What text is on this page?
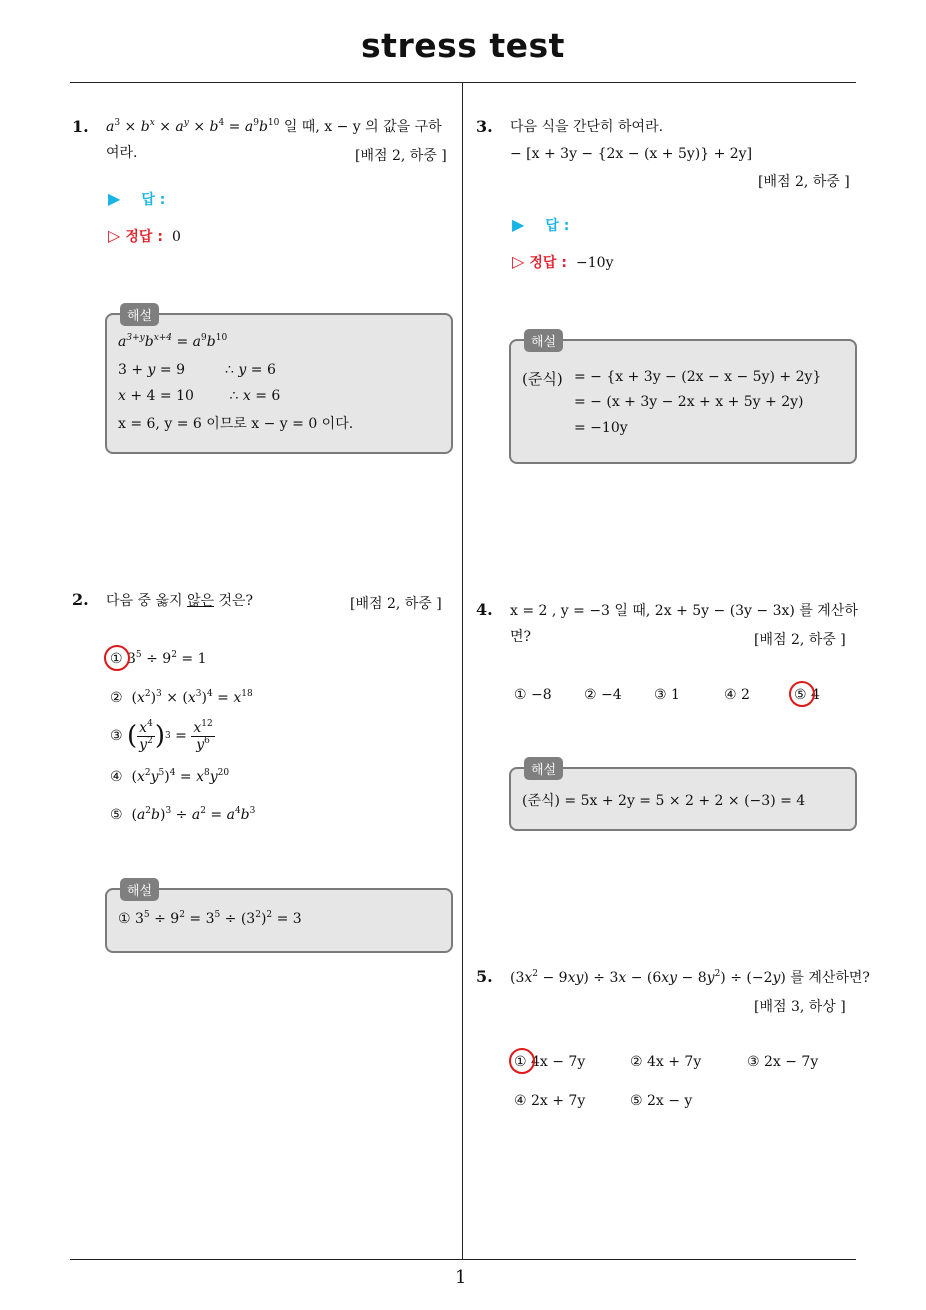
stress test
1
1. $a^3 \times b^x \times a^y \times b^4 = a^9b^{10}$ 일 때, x − y 의 값을 구하
여라.	[배점 2, 하중 ]
▶ 답 :
▷ 정답 : 0
해설
$a^{3+y}b^{x+4} = a^9b^{10}$
3 + y = 9         ∴ y = 6
x + 4 = 10        ∴ x = 6
x = 6, y = 6 이므로 x − y = 0 이다.
2. 다음 중 옳지 않은 것은?	[배점 2, 하중 ]
① $3^5 \div 9^2 = 1$
②  $(x^2)^3 \times (x^3)^4 = x^{18}$
③
( $\frac{x^4}{y^2}$ ) $3 = \frac{x^{12}}{y^6}$
④  $(x^2y^5)^4 = x^8y^{20}$
⑤  $(a^2b)^3 \div a^2 = a^4b^3$
해설
① $3^5 \div 9^2 = 3^5 \div (3^2)^2 = 3$
3. 다음 식을 간단히 하여라.
− [x + 3y − {2x − (x + 5y)} + 2y]
[배점 2, 하중 ]
▶ 답 :
▷ 정답 : −10y
해설
(준식) = − {x + 3y − (2x − x − 5y) + 2y}
= − (x + 3y − 2x + x + 5y + 2y)
= −10y
4. x = 2 , y = −3 일 때, 2x + 5y − (3y − 3x) 를 계산하
면?	[배점 2, 하중 ]
① −8 ② −4 ③ 1	④ 2	⑤ 4
해설
(준식) = 5x + 2y = 5 × 2 + 2 × (−3) = 4
5. $(3x^2 - 9xy) \div 3x - (6xy - 8y^2) \div (-2y)$ 를 계산하면?
[배점 3, 하상 ]
① 4x − 7y	② 4x + 7y	③ 2x − 7y
④ 2x + 7y	⑤ 2x − y
